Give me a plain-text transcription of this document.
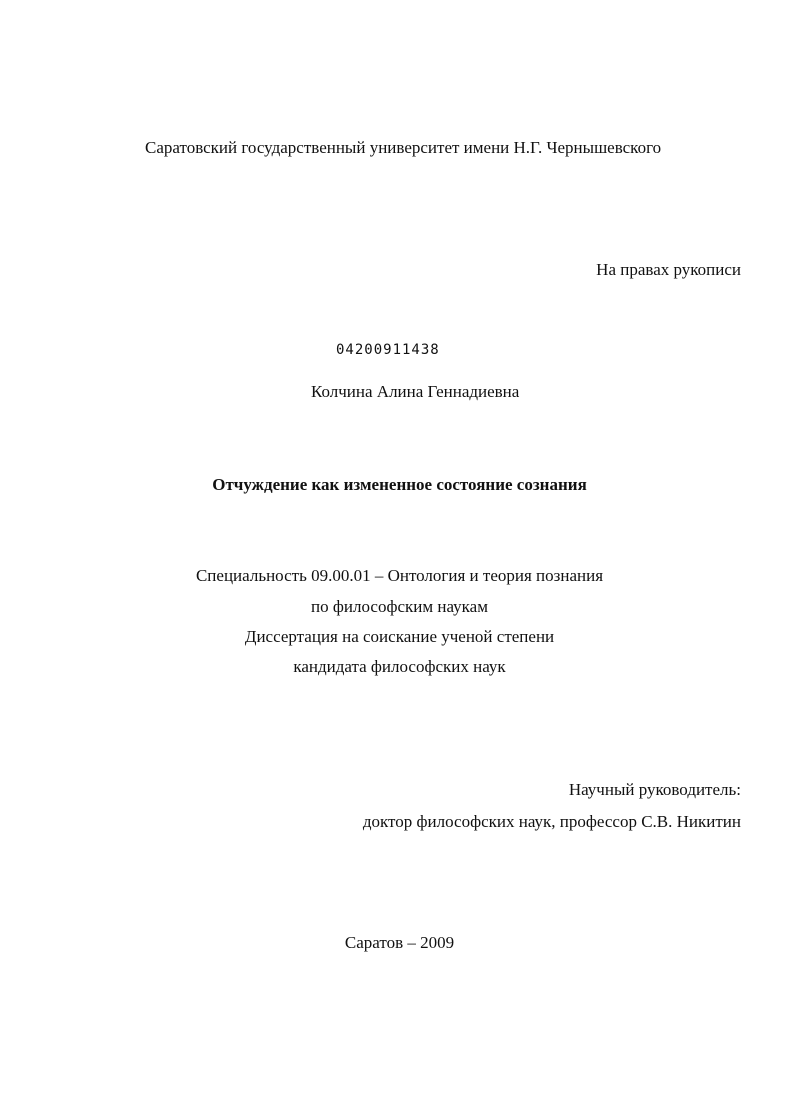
Саратовский государственный университет имени Н.Г. Чернышевского
На правах рукописи
04200911438
Колчина Алина Геннадиевна
Отчуждение как измененное состояние сознания
Специальность 09.00.01 – Онтология и теория познания
по философским наукам
Диссертация на соискание ученой степени
кандидата философских наук
Научный руководитель:
доктор философских наук, профессор С.В. Никитин
Саратов – 2009
